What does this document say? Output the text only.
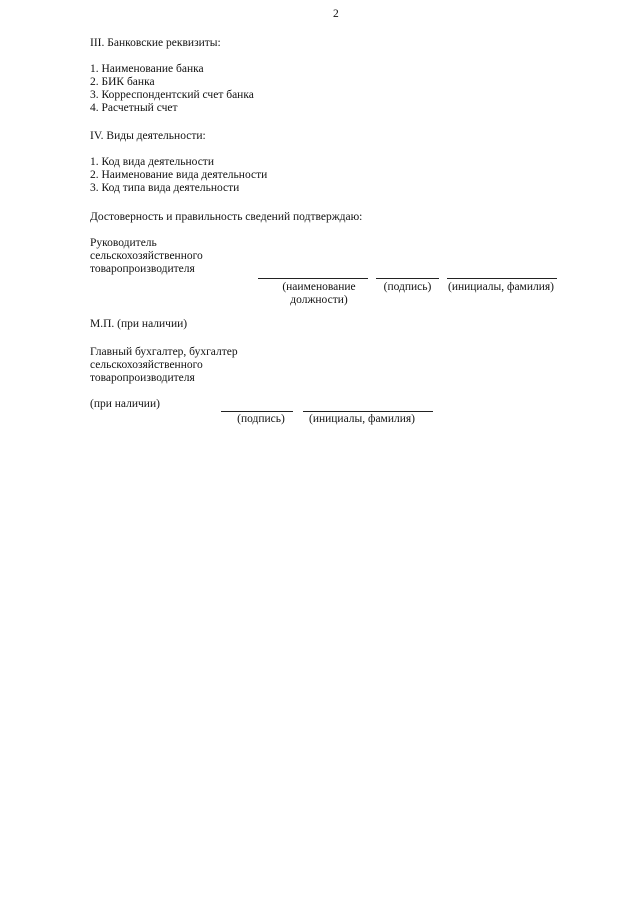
2
III. Банковские реквизиты:
1. Наименование банка
2. БИК банка
3. Корреспондентский счет банка
4. Расчетный счет
IV. Виды деятельности:
1. Код вида деятельности
2. Наименование вида деятельности
3. Код типа вида деятельности
Достоверность и правильность сведений подтверждаю:
Руководитель
сельскохозяйственного
товаропроизводителя
(наименование
должности)
(подпись)	(инициалы, фамилия)
М.П. (при наличии)
Главный бухгалтер, бухгалтер
сельскохозяйственного
товаропроизводителя
(при наличии)
(подпись)	(инициалы, фамилия)
